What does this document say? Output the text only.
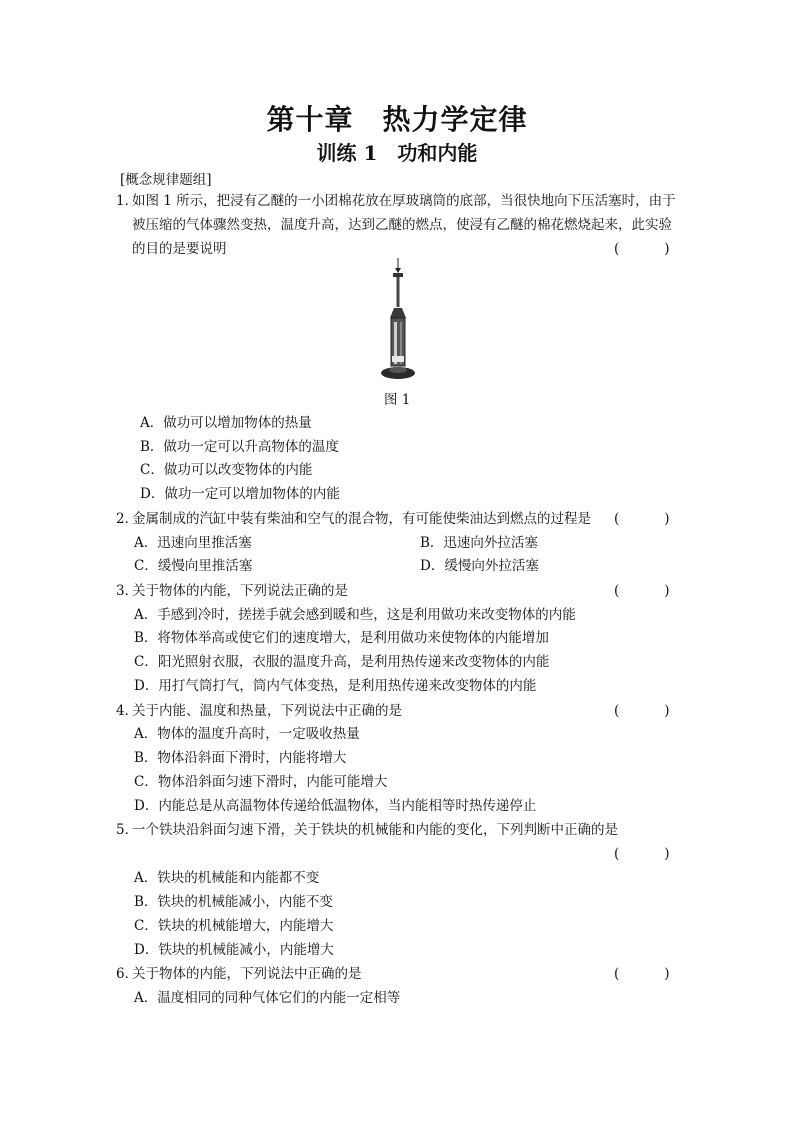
第十章　热力学定律
训练 1　功和内能
[概念规律题组]
1．
如图 1 所示，把浸有乙醚的一小团棉花放在厚玻璃筒的底部，当很快地向下压活塞时，由于被压缩的气体骤然变热，温度升高，达到乙醚的燃点，使浸有乙醚的棉花燃烧起来，此实验的目的是要说明	(　　)
图 1
A．做功可以增加物体的热量
B．做功一定可以升高物体的温度
C．做功可以改变物体的内能
D．做功一定可以增加物体的内能
2．
金属制成的汽缸中装有柴油和空气的混合物，有可能使柴油达到燃点的过程是	(　　)
A．迅速向里推活塞	B．迅速向外拉活塞
C．缓慢向里推活塞	D．缓慢向外拉活塞
3．
关于物体的内能，下列说法正确的是	(　　)
A．手感到冷时，搓搓手就会感到暖和些，这是利用做功来改变物体的内能
B．将物体举高或使它们的速度增大，是利用做功来使物体的内能增加
C．阳光照射衣服，衣服的温度升高，是利用热传递来改变物体的内能
D．用打气筒打气，筒内气体变热，是利用热传递来改变物体的内能
4．
关于内能、温度和热量，下列说法中正确的是	(　　)
A．物体的温度升高时，一定吸收热量
B．物体沿斜面下滑时，内能将增大
C．物体沿斜面匀速下滑时，内能可能增大
D．内能总是从高温物体传递给低温物体，当内能相等时热传递停止
5．
一个铁块沿斜面匀速下滑，关于铁块的机械能和内能的变化，下列判断中正确的是
(　　)
A．铁块的机械能和内能都不变
B．铁块的机械能减小，内能不变
C．铁块的机械能增大，内能增大
D．铁块的机械能减小，内能增大
6．
关于物体的内能，下列说法中正确的是	(　　)
A．温度相同的同种气体它们的内能一定相等
